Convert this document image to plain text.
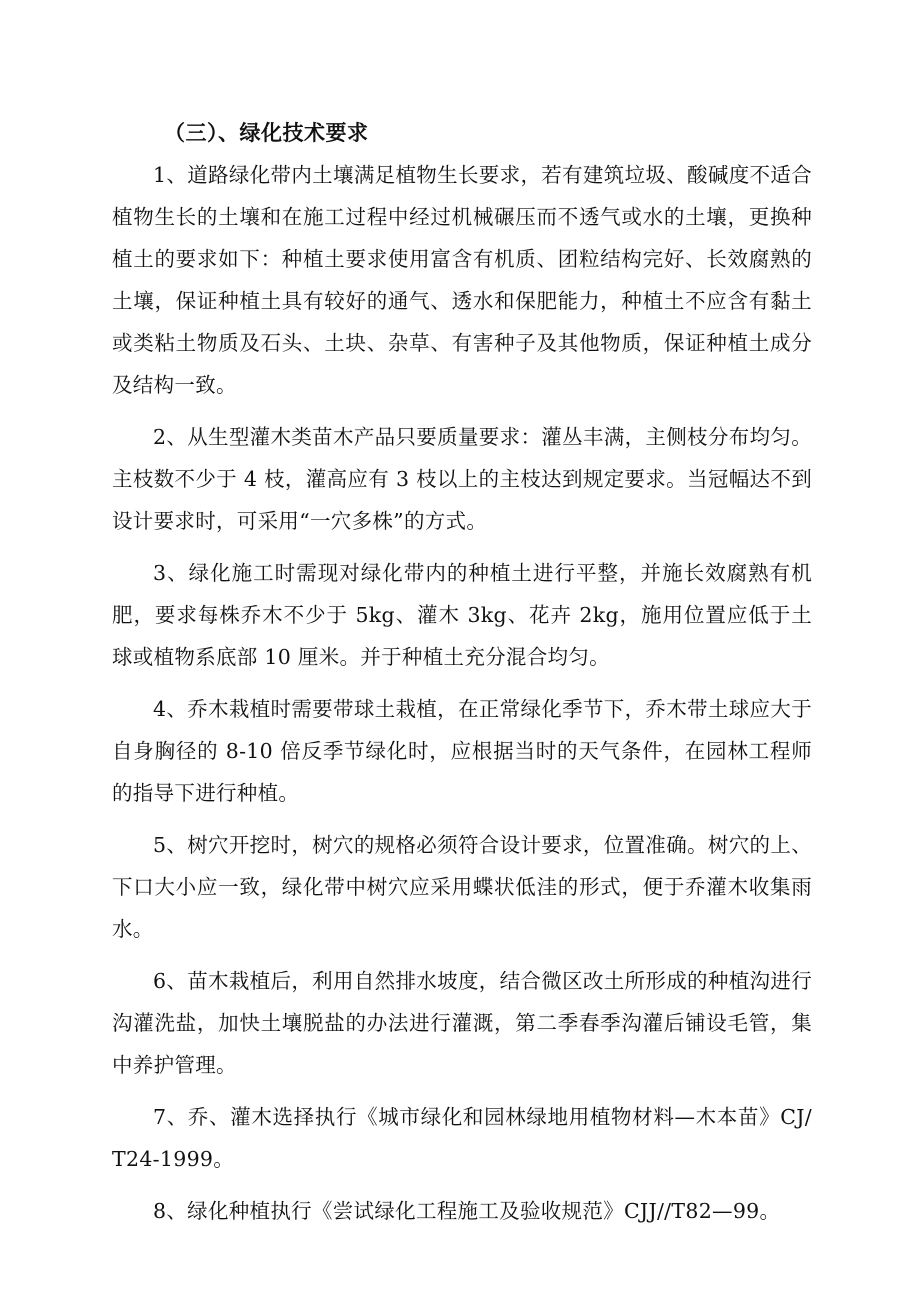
（三）、绿化技术要求

1、道路绿化带内土壤满足植物生长要求，若有建筑垃圾、酸碱度不适合植物生长的土壤和在施工过程中经过机械碾压而不透气或水的土壤，更换种植土的要求如下：种植土要求使用富含有机质、团粒结构完好、长效腐熟的土壤，保证种植土具有较好的通气、透水和保肥能力，种植土不应含有黏土或类粘土物质及石头、土块、杂草、有害种子及其他物质，保证种植土成分及结构一致。

2、从生型灌木类苗木产品只要质量要求：灌丛丰满，主侧枝分布均匀。主枝数不少于 4 枝，灌高应有 3 枝以上的主枝达到规定要求。当冠幅达不到设计要求时，可采用“一穴多株”的方式。

3、绿化施工时需现对绿化带内的种植土进行平整，并施长效腐熟有机肥，要求每株乔木不少于 5kg、灌木 3kg、花卉 2kg，施用位置应低于土球或植物系底部 10 厘米。并于种植土充分混合均匀。

4、乔木栽植时需要带球土栽植，在正常绿化季节下，乔木带土球应大于自身胸径的 8-10 倍反季节绿化时，应根据当时的天气条件，在园林工程师的指导下进行种植。

5、树穴开挖时，树穴的规格必须符合设计要求，位置准确。树穴的上、下口大小应一致，绿化带中树穴应采用蝶状低洼的形式，便于乔灌木收集雨水。

6、苗木栽植后，利用自然排水坡度，结合微区改土所形成的种植沟进行沟灌洗盐，加快土壤脱盐的办法进行灌溉，第二季春季沟灌后铺设毛管，集中养护管理。

7、乔、灌木选择执行《城市绿化和园林绿地用植物材料—木本苗》CJ/T24-1999。

8、绿化种植执行《尝试绿化工程施工及验收规范》CJJ//T82—99。
